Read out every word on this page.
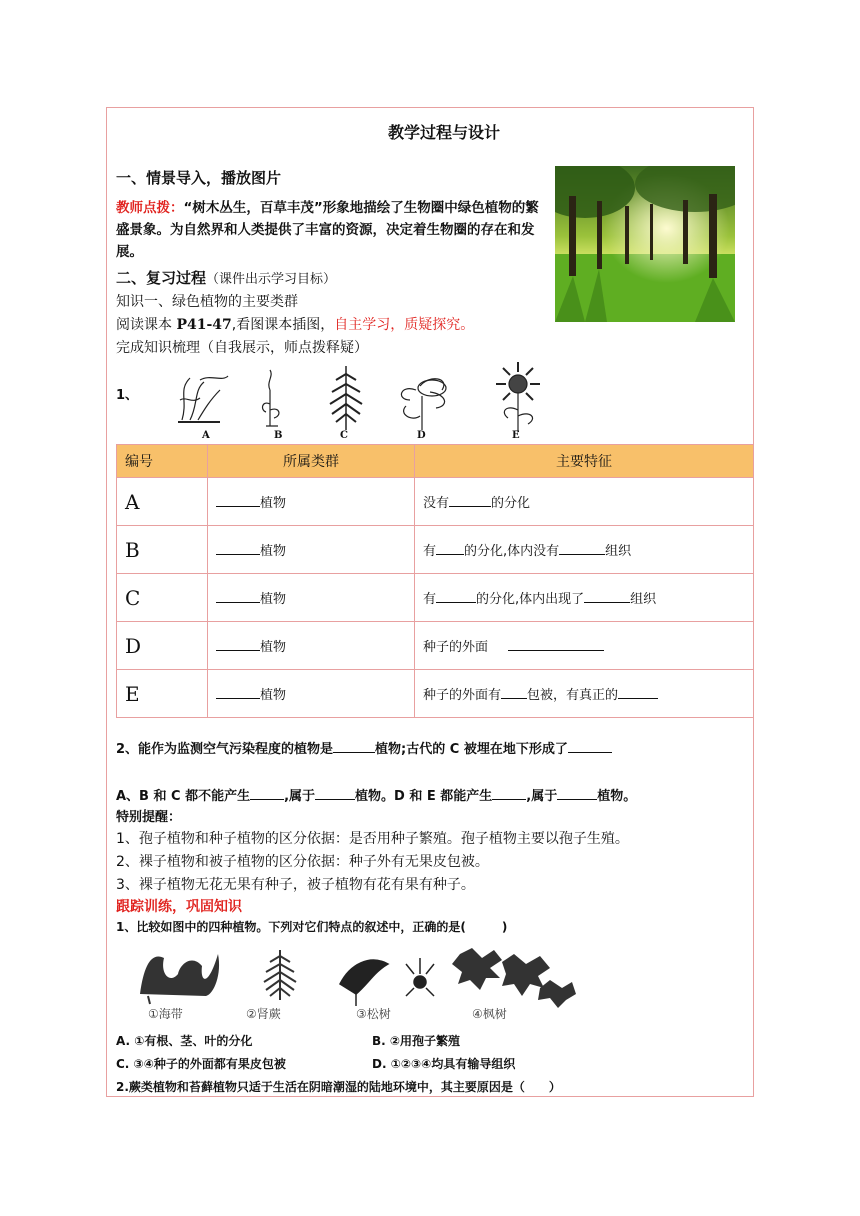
教学过程与设计
一、情景导入，播放图片
教师点拨：“树木丛生，百草丰茂”形象地描绘了生物圈中绿色植物的繁盛景象。为自然界和人类提供了丰富的资源，决定着生物圈的存在和发展。
二、复习过程（课件出示学习目标）
知识一、绿色植物的主要类群
阅读课本 P41-47,看图课本插图，自主学习，质疑探究。
完成知识梳理（自我展示，师点拨释疑）
1、
A	B	C	D	E
编号	所属类群	主要特征
A	植物	没有 的分化
B	植物	有 的分化,体内没有 组织
C	植物	有 的分化,体内出现了 组织
D	植物	种子的外面
E	植物	种子的外面有 包被，有真正的
2、能作为监测空气污染程度的植物是	植物;古代的 C 被埋在地下形成了
A、B 和 C 都不能产生	,属于	植物。D 和 E 都能产生	,属于	植物。
特别提醒：
1、孢子植物和种子植物的区分依据：是否用种子繁殖。孢子植物主要以孢子生殖。
2、裸子植物和被子植物的区分依据：种子外有无果皮包被。
3、裸子植物无花无果有种子，被子植物有花有果有种子。
跟踪训练，巩固知识
1、比较如图中的四种植物。下列对它们特点的叙述中，正确的是(　　　)
①海带	②肾蕨	③松树	④枫树
A. ①有根、茎、叶的分化	B. ②用孢子繁殖
C. ③④种子的外面都有果皮包被	D. ①②③④均具有输导组织
2.蕨类植物和苔藓植物只适于生活在阴暗潮湿的陆地环境中，其主要原因是（　　）
